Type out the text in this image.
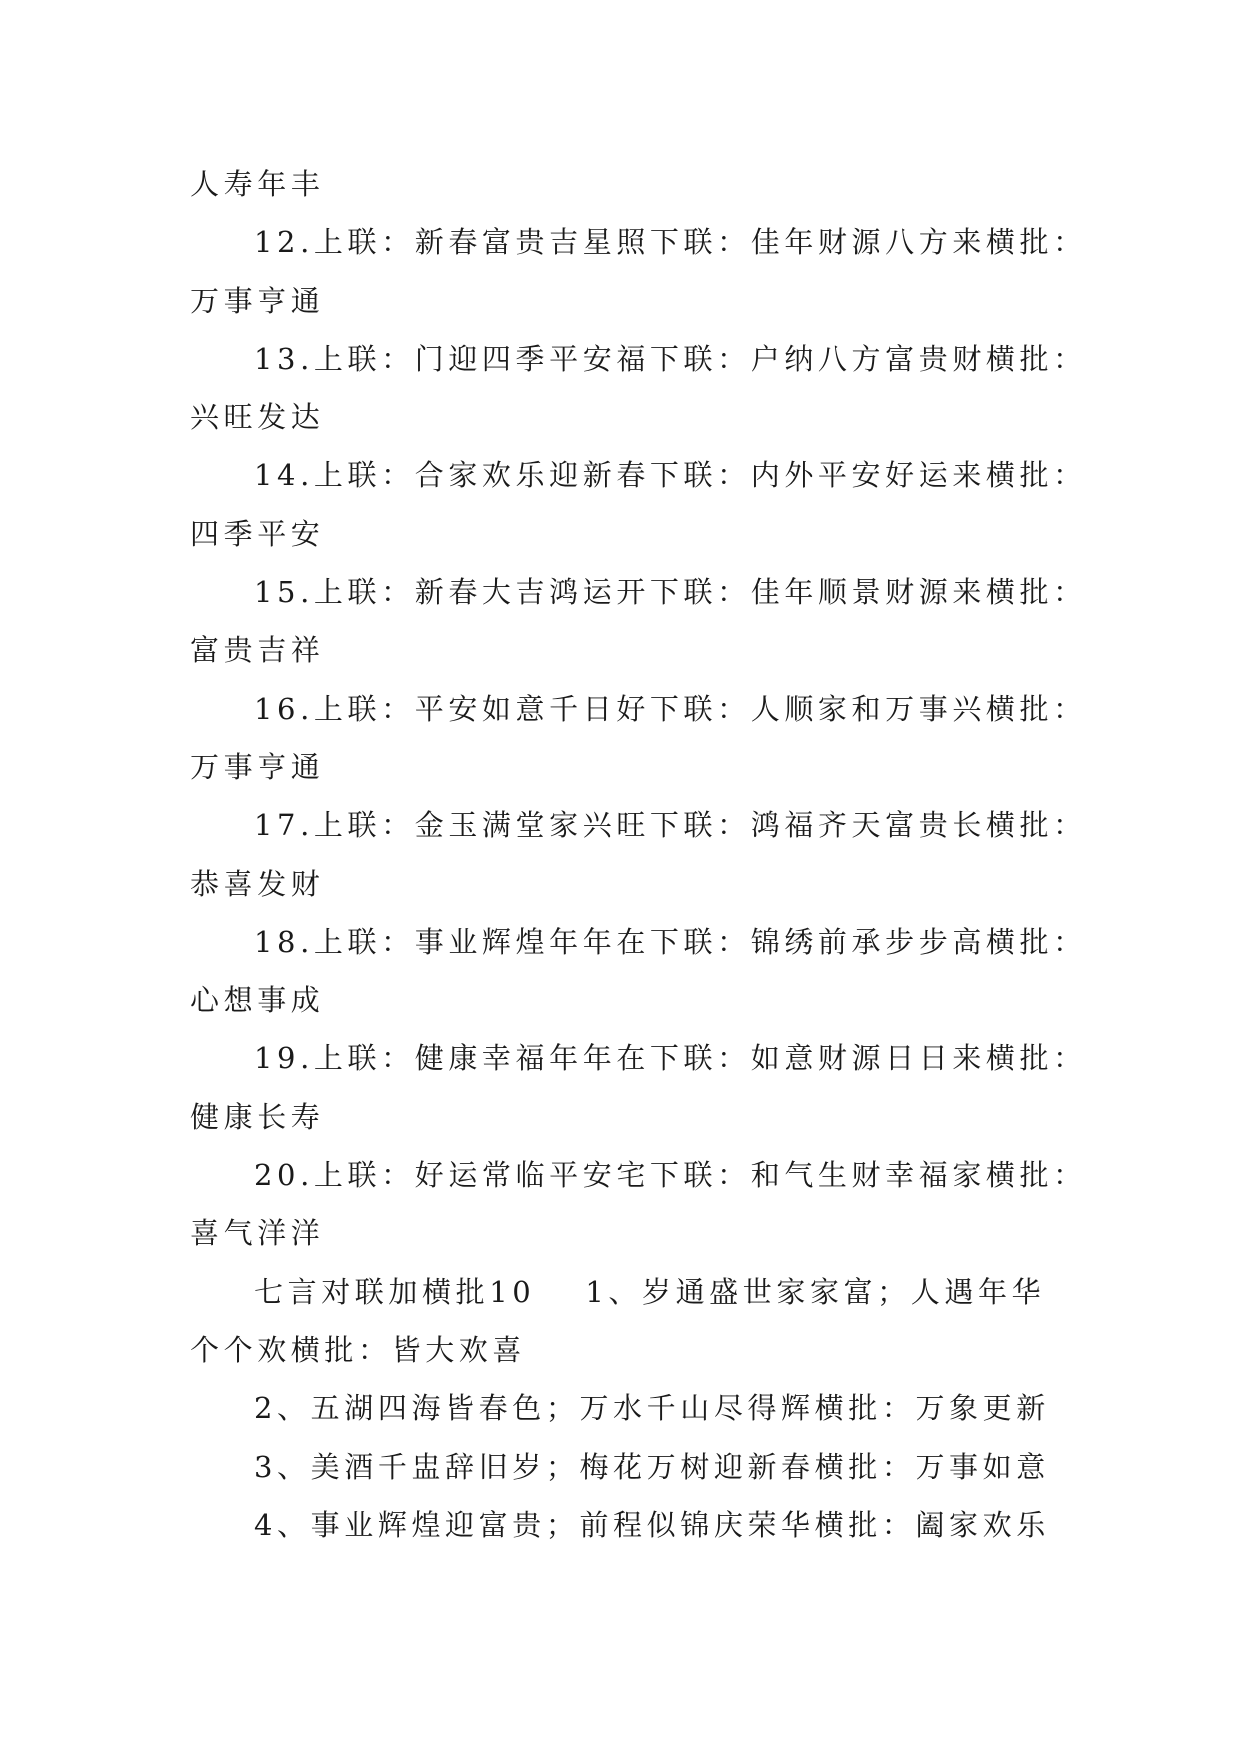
人寿年丰
12.上联：新春富贵吉星照下联：佳年财源八方来横批：
万事亨通
13.上联：门迎四季平安福下联：户纳八方富贵财横批：
兴旺发达
14.上联：合家欢乐迎新春下联：内外平安好运来横批：
四季平安
15.上联：新春大吉鸿运开下联：佳年顺景财源来横批：
富贵吉祥
16.上联：平安如意千日好下联：人顺家和万事兴横批：
万事亨通
17.上联：金玉满堂家兴旺下联：鸿福齐天富贵长横批：
恭喜发财
18.上联：事业辉煌年年在下联：锦绣前承步步高横批：
心想事成
19.上联：健康幸福年年在下联：如意财源日日来横批：
健康长寿
20.上联：好运常临平安宅下联：和气生财幸福家横批：
喜气洋洋
七言对联加横批10 1、岁通盛世家家富；人遇年华
个个欢横批：皆大欢喜
2、五湖四海皆春色；万水千山尽得辉横批：万象更新
3、美酒千盅辞旧岁；梅花万树迎新春横批：万事如意
4、事业辉煌迎富贵；前程似锦庆荣华横批：阖家欢乐
